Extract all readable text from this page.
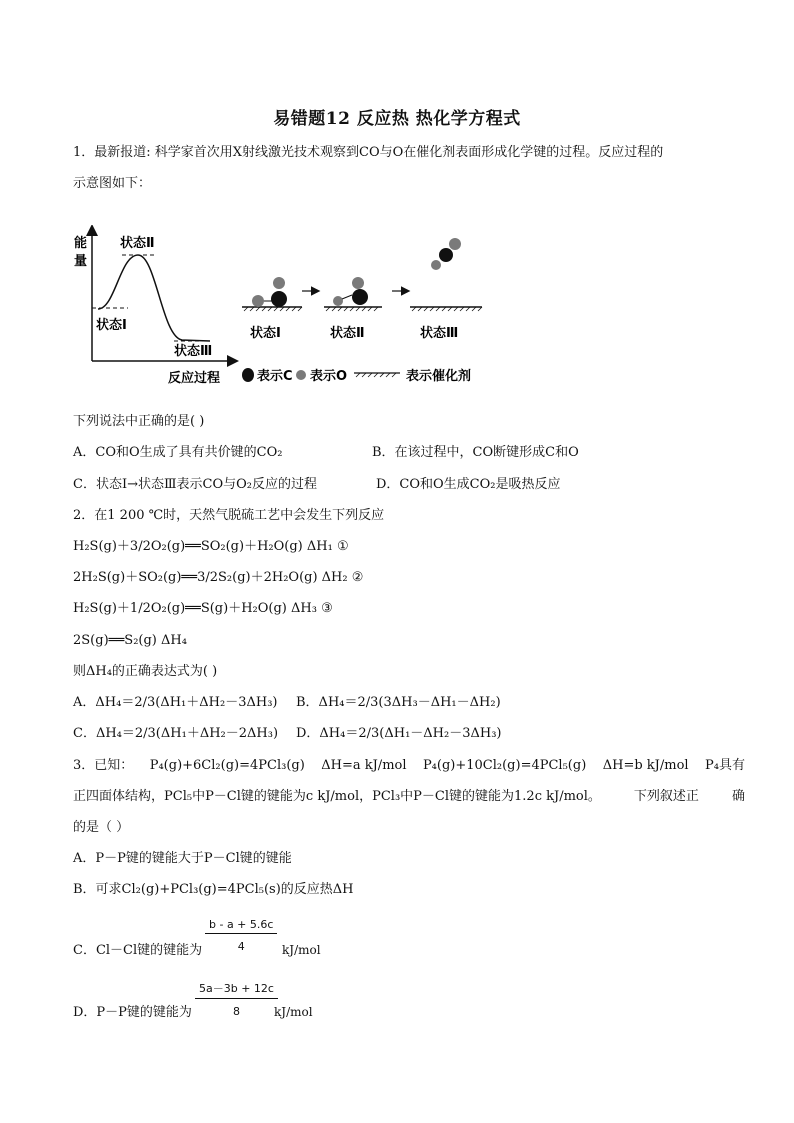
易错题12 反应热 热化学方程式
1．最新报道: 科学家首次用X射线激光技术观察到CO与O在催化剂表面形成化学键的过程。反应过程的
示意图如下：
能
量
反应过程
状态Ⅰ
状态Ⅱ
状态Ⅲ
状态Ⅰ	状态Ⅱ	状态Ⅲ
表示C 表示O	表示催化剂
下列说法中正确的是( )
A．CO和O生成了具有共价键的CO₂	B．在该过程中，CO断键形成C和O
C．状态Ⅰ→状态Ⅲ表示CO与O₂反应的过程	D．CO和O生成CO₂是吸热反应
2．在1 200 ℃时，天然气脱硫工艺中会发生下列反应
H₂S(g)＋3/2O₂(g)══SO₂(g)＋H₂O(g) ΔH₁ ①
2H₂S(g)＋SO₂(g)══3/2S₂(g)＋2H₂O(g) ΔH₂ ②
H₂S(g)＋1/2O₂(g)══S(g)＋H₂O(g) ΔH₃ ③
2S(g)══S₂(g) ΔH₄
则ΔH₄的正确表达式为( )
A．ΔH₄＝2/3(ΔH₁＋ΔH₂－3ΔH₃) B．ΔH₄＝2/3(3ΔH₃－ΔH₁－ΔH₂)
C．ΔH₄＝2/3(ΔH₁＋ΔH₂－2ΔH₃) D．ΔH₄＝2/3(ΔH₁－ΔH₂－3ΔH₃)
3．已知： P₄(g)+6Cl₂(g)=4PCl₃(g) ΔH=a kJ/mol P₄(g)+10Cl₂(g)=4PCl₅(g) ΔH=b kJ/mol P₄具有
正四面体结构，PCl₅中P－Cl键的键能为c kJ/mol，PCl₃中P－Cl键的键能为1.2c kJ/mol。	下列叙述正	确
的是（ ）
A．P－P键的键能大于P－Cl键的键能
B．可求Cl₂(g)+PCl₃(g)=4PCl₅(s)的反应热ΔH
C．Cl－Cl键的键能为 $\frac{b - a + 5.6c}{4} kJ/mol$
D．P－P键的键能为 $\frac{5a-3b + 12c}{8}$
kJ/mol
